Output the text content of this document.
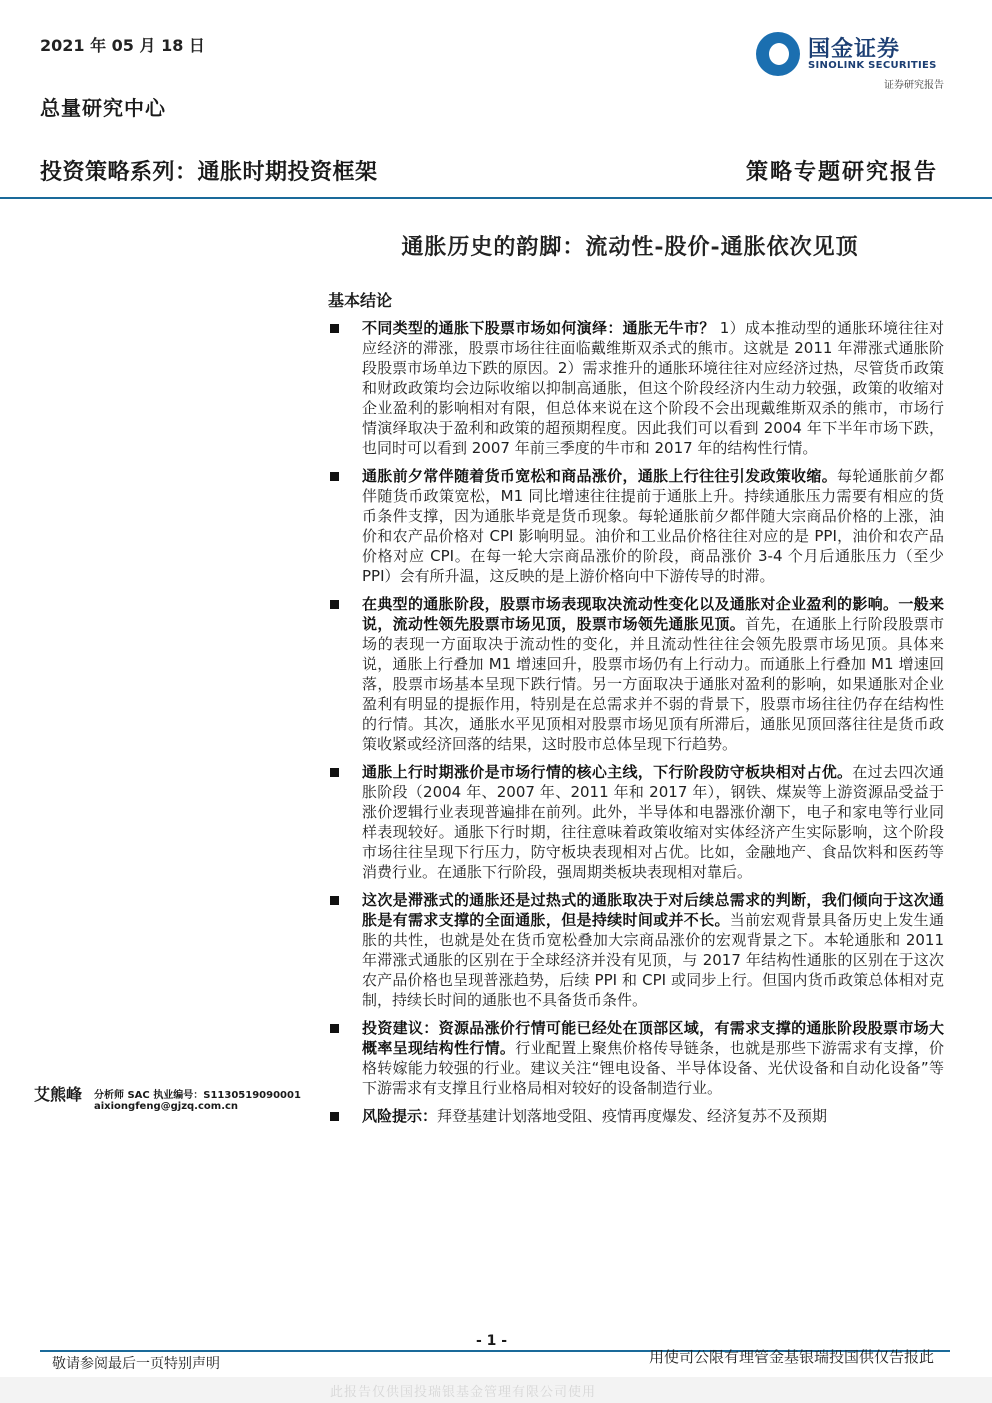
2021 年 05 月 18 日
总量研究中心
国金证券
SINOLINK SECURITIES
证券研究报告
投资策略系列：通胀时期投资框架	策略专题研究报告
通胀历史的韵脚：流动性-股价-通胀依次见顶
基本结论
不同类型的通胀下股票市场如何演绎：通胀无牛市？ 1）成本推动型的通胀环境往往对应经济的滞涨，股票市场往往面临戴维斯双杀式的熊市。这就是 2011 年滞涨式通胀阶段股票市场单边下跌的原因。2）需求推升的通胀环境往往对应经济过热，尽管货币政策和财政政策均会边际收缩以抑制高通胀，但这个阶段经济内生动力较强，政策的收缩对企业盈利的影响相对有限，但总体来说在这个阶段不会出现戴维斯双杀的熊市，市场行情演绎取决于盈利和政策的超预期程度。因此我们可以看到 2004 年下半年市场下跌，也同时可以看到 2007 年前三季度的牛市和 2017 年的结构性行情。
通胀前夕常伴随着货币宽松和商品涨价，通胀上行往往引发政策收缩。每轮通胀前夕都伴随货币政策宽松，M1 同比增速往往提前于通胀上升。持续通胀压力需要有相应的货币条件支撑，因为通胀毕竟是货币现象。每轮通胀前夕都伴随大宗商品价格的上涨，油价和农产品价格对 CPI 影响明显。油价和工业品价格往往对应的是 PPI，油价和农产品价格对应 CPI。在每一轮大宗商品涨价的阶段，商品涨价 3-4 个月后通胀压力（至少 PPI）会有所升温，这反映的是上游价格向中下游传导的时滞。
在典型的通胀阶段，股票市场表现取决流动性变化以及通胀对企业盈利的影响。一般来说，流动性领先股票市场见顶，股票市场领先通胀见顶。首先，在通胀上行阶段股票市场的表现一方面取决于流动性的变化，并且流动性往往会领先股票市场见顶。具体来说，通胀上行叠加 M1 增速回升，股票市场仍有上行动力。而通胀上行叠加 M1 增速回落，股票市场基本呈现下跌行情。另一方面取决于通胀对盈利的影响，如果通胀对企业盈利有明显的提振作用，特别是在总需求并不弱的背景下，股票市场往往仍存在结构性的行情。其次，通胀水平见顶相对股票市场见顶有所滞后，通胀见顶回落往往是货币政策收紧或经济回落的结果，这时股市总体呈现下行趋势。
通胀上行时期涨价是市场行情的核心主线，下行阶段防守板块相对占优。在过去四次通胀阶段（2004 年、2007 年、2011 年和 2017 年），钢铁、煤炭等上游资源品受益于涨价逻辑行业表现普遍排在前列。此外，半导体和电器涨价潮下，电子和家电等行业同样表现较好。通胀下行时期，往往意味着政策收缩对实体经济产生实际影响，这个阶段市场往往呈现下行压力，防守板块表现相对占优。比如，金融地产、食品饮料和医药等消费行业。在通胀下行阶段，强周期类板块表现相对靠后。
这次是滞涨式的通胀还是过热式的通胀取决于对后续总需求的判断，我们倾向于这次通胀是有需求支撑的全面通胀，但是持续时间或并不长。当前宏观背景具备历史上发生通胀的共性，也就是处在货币宽松叠加大宗商品涨价的宏观背景之下。本轮通胀和 2011 年滞涨式通胀的区别在于全球经济并没有见顶，与 2017 年结构性通胀的区别在于这次农产品价格也呈现普涨趋势，后续 PPI 和 CPI 或同步上行。但国内货币政策总体相对克制，持续长时间的通胀也不具备货币条件。
投资建议：资源品涨价行情可能已经处在顶部区域，有需求支撑的通胀阶段股票市场大概率呈现结构性行情。行业配置上聚焦价格传导链条，也就是那些下游需求有支撑，价格转嫁能力较强的行业。建议关注“锂电设备、半导体设备、光伏设备和自动化设备”等下游需求有支撑且行业格局相对较好的设备制造行业。
风险提示：拜登基建计划落地受阻、疫情再度爆发、经济复苏不及预期
艾熊峰 分析师 SAC 执业编号：S1130519090001
aixiongfeng@gjzq.com.cn
- 1 -
敬请参阅最后一页特别声明	用使司公限有理管金基银瑞投国供仅告报此
此报告仅供国投瑞银基金管理有限公司使用
